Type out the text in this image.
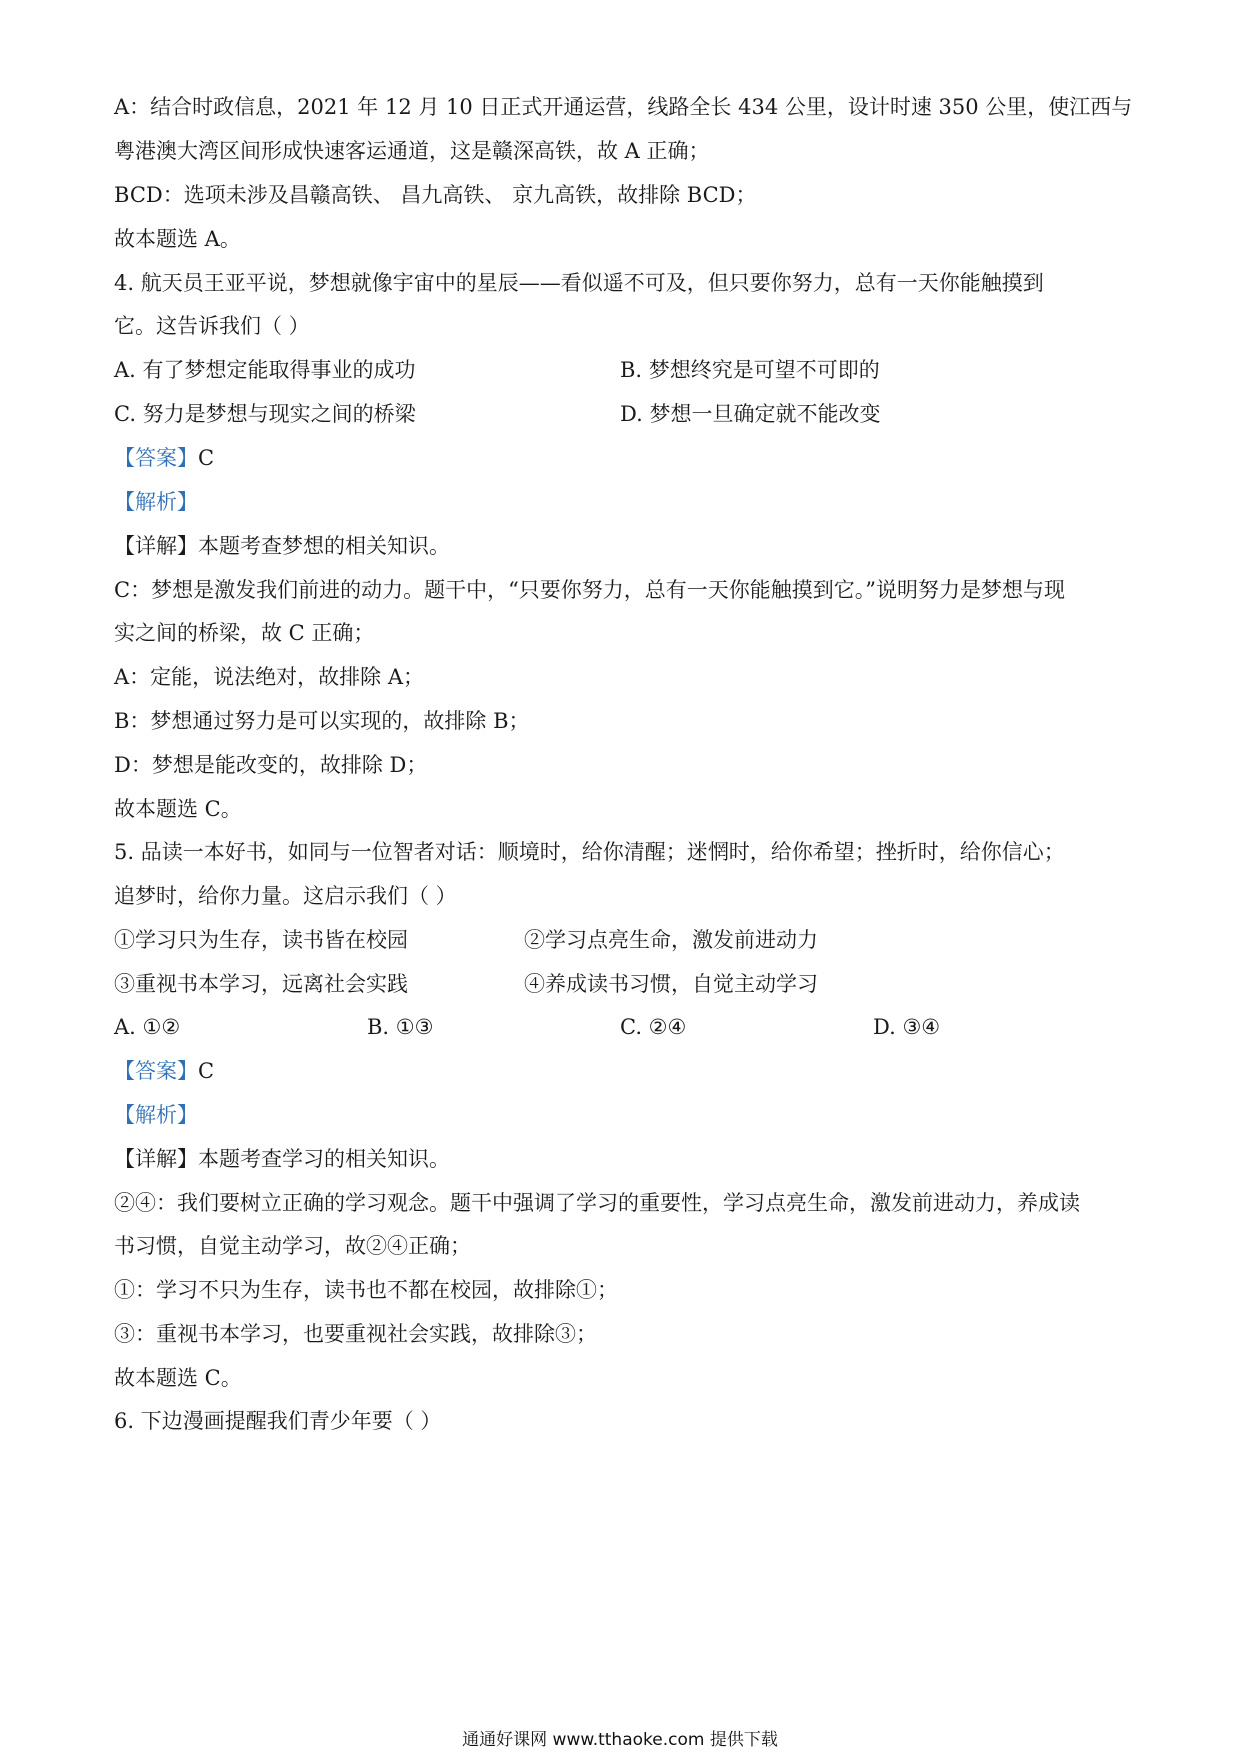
A：结合时政信息，2021 年 12 月 10 日正式开通运营，线路全长 434 公里，设计时速 350 公里，使江西与
粤港澳大湾区间形成快速客运通道，这是赣深高铁，故 A 正确；
BCD：选项未涉及昌赣高铁、 昌九高铁、 京九高铁，故排除 BCD；
故本题选 A。
4. 航天员王亚平说，梦想就像宇宙中的星辰——看似遥不可及，但只要你努力，总有一天你能触摸到
它。这告诉我们（ ）
A. 有了梦想定能取得事业的成功	B. 梦想终究是可望不可即的
C. 努力是梦想与现实之间的桥梁	D. 梦想一旦确定就不能改变
【答案】C
【解析】
【详解】本题考查梦想的相关知识。
C：梦想是激发我们前进的动力。题干中，“只要你努力，总有一天你能触摸到它。”说明努力是梦想与现
实之间的桥梁，故 C 正确；
A：定能，说法绝对，故排除 A；
B：梦想通过努力是可以实现的，故排除 B；
D：梦想是能改变的，故排除 D；
故本题选 C。
5. 品读一本好书，如同与一位智者对话：顺境时，给你清醒；迷惘时，给你希望；挫折时，给你信心；
追梦时，给你力量。这启示我们（ ）
①学习只为生存，读书皆在校园	②学习点亮生命，激发前进动力
③重视书本学习，远离社会实践	④养成读书习惯，自觉主动学习
A. ①②	B. ①③	C. ②④	D. ③④
【答案】C
【解析】
【详解】本题考查学习的相关知识。
②④：我们要树立正确的学习观念。题干中强调了学习的重要性，学习点亮生命，激发前进动力，养成读
书习惯，自觉主动学习，故②④正确；
①：学习不只为生存，读书也不都在校园，故排除①；
③：重视书本学习，也要重视社会实践，故排除③；
故本题选 C。
6. 下边漫画提醒我们青少年要（ ）
通通好课网 www.tthaoke.com 提供下载
